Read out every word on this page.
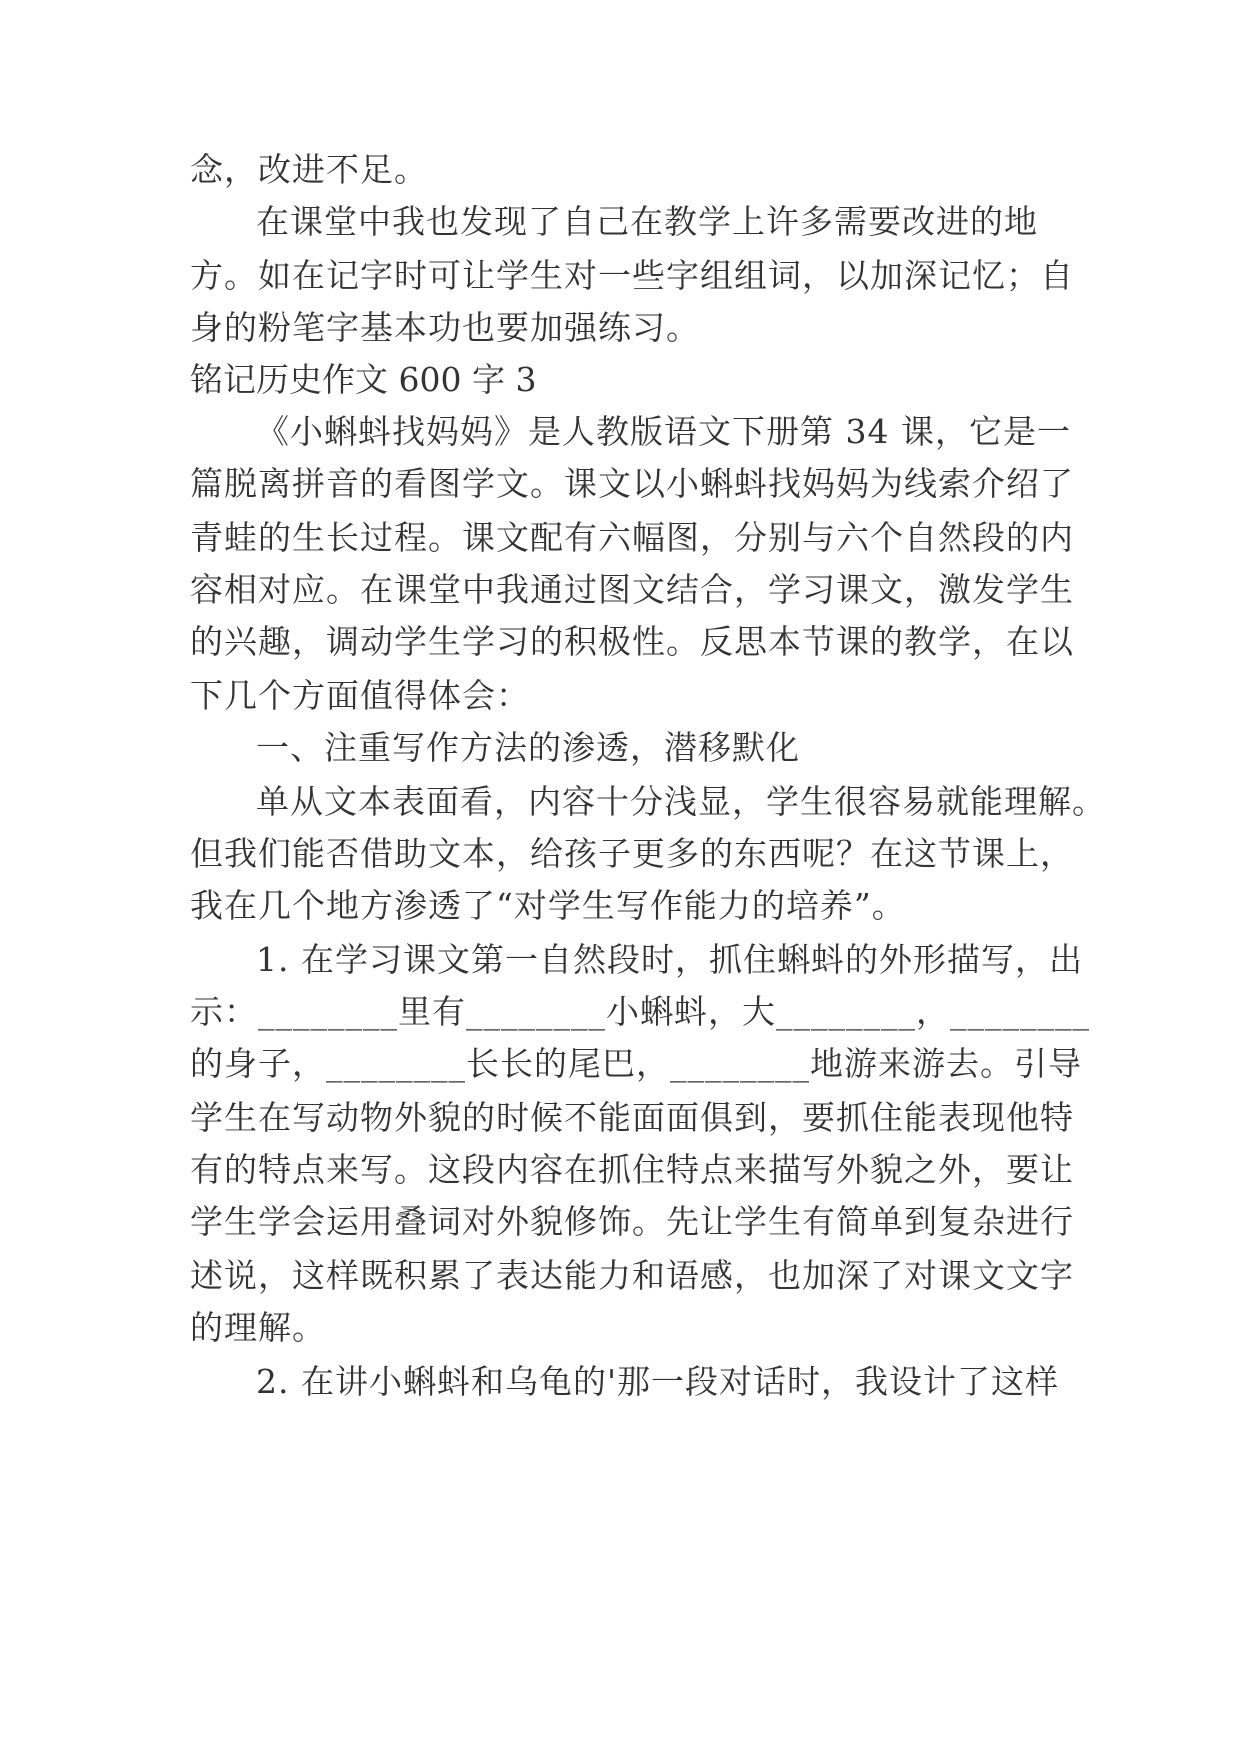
念，改进不足。
在课堂中我也发现了自己在教学上许多需要改进的地
方。如在记字时可让学生对一些字组组词，以加深记忆；自
身的粉笔字基本功也要加强练习。
铭记历史作文 600 字 3
《小蝌蚪找妈妈》是人教版语文下册第 34 课，它是一
篇脱离拼音的看图学文。课文以小蝌蚪找妈妈为线索介绍了
青蛙的生长过程。课文配有六幅图，分别与六个自然段的内
容相对应。在课堂中我通过图文结合，学习课文，激发学生
的兴趣，调动学生学习的积极性。反思本节课的教学，在以
下几个方面值得体会：
一、注重写作方法的渗透，潜移默化
单从文本表面看，内容十分浅显，学生很容易就能理解。
但我们能否借助文本，给孩子更多的东西呢？在这节课上，
我在几个地方渗透了“对学生写作能力的培养”。
1. 在学习课文第一自然段时，抓住蝌蚪的外形描写，出
示：________里有________小蝌蚪，大________，________
的身子，________长长的尾巴，________地游来游去。引导
学生在写动物外貌的时候不能面面俱到，要抓住能表现他特
有的特点来写。这段内容在抓住特点来描写外貌之外，要让
学生学会运用叠词对外貌修饰。先让学生有简单到复杂进行
述说，这样既积累了表达能力和语感，也加深了对课文文字
的理解。
2. 在讲小蝌蚪和乌龟的'那一段对话时，我设计了这样
